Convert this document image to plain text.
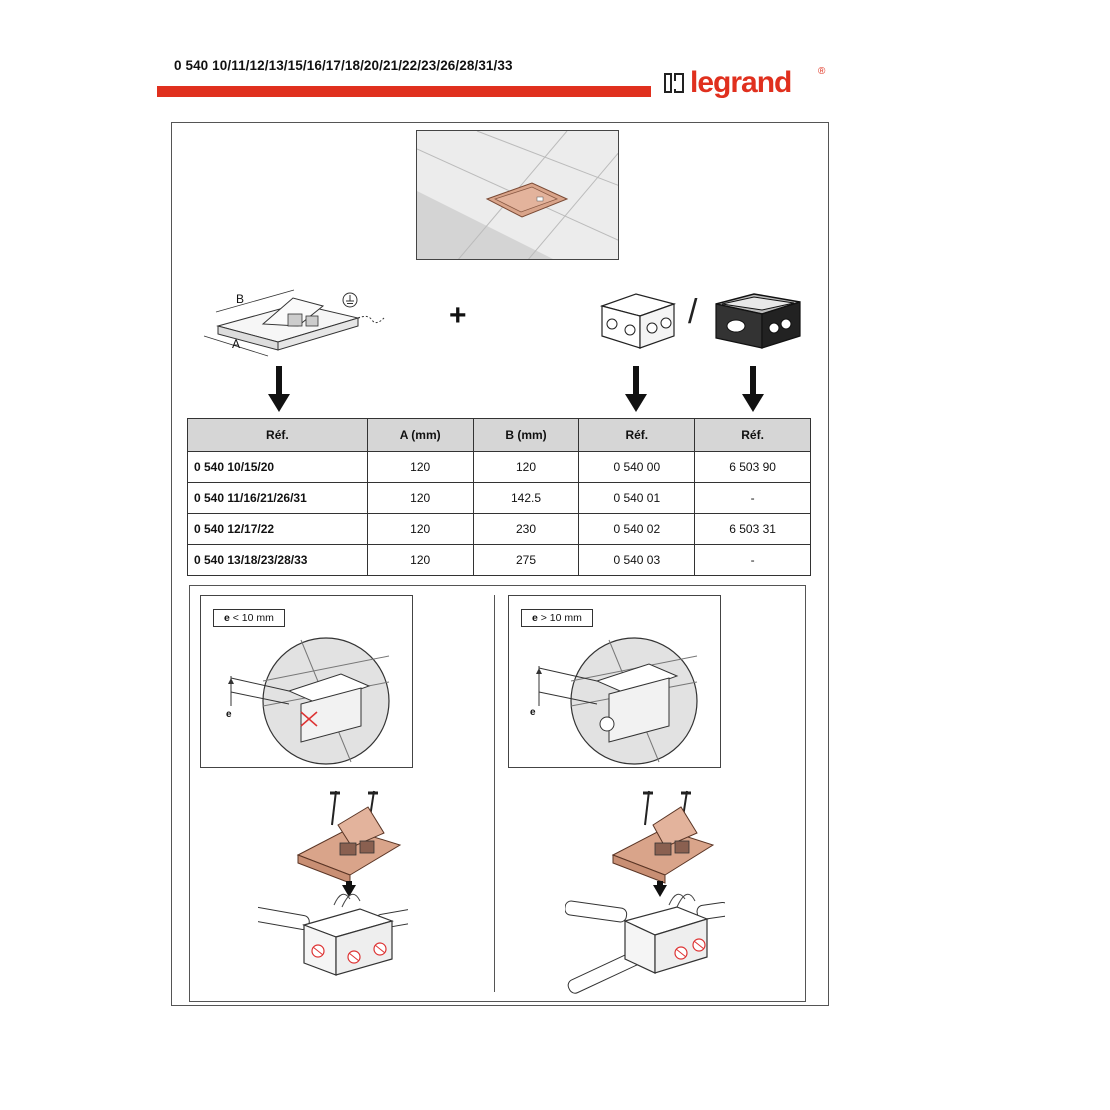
0 540 10/11/12/13/15/16/17/18/20/21/22/23/26/28/31/33
legrand	®
B
A
+	/
Réf.	A (mm)	B (mm)	Réf.	Réf.
0 540 10/15/20	120	120	0 540 00	6 503 90
0 540 11/16/21/26/31	120	142.5	0 540 01	-
0 540 12/17/22	120	230	0 540 02	6 503 31
0 540 13/18/23/28/33	120	275	0 540 03	-
e < 10 mm
e
e > 10 mm
e
